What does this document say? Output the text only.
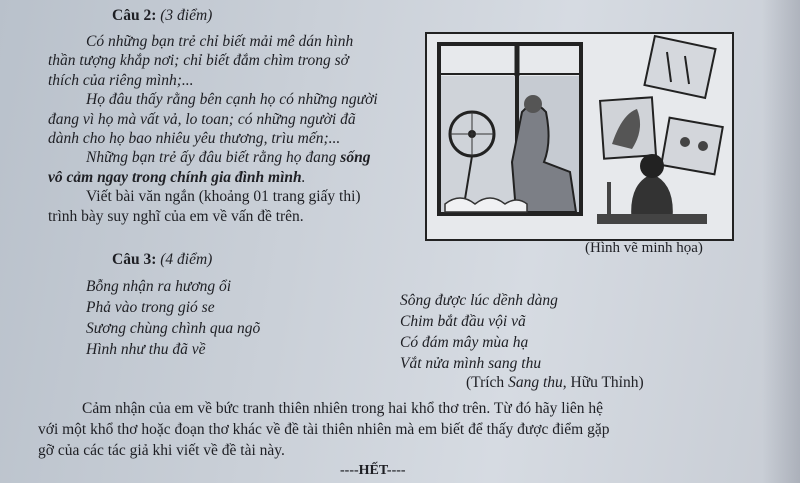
Câu 2: (3 điểm)

Có những bạn trẻ chỉ biết mải mê dán hình

thần tượng khắp nơi; chỉ biết đắm chìm trong sở
thích của riêng mình;...

Họ đâu thấy rằng bên cạnh họ có những người

đang vì họ mà vất vả, lo toan; có những người đã
dành cho họ bao nhiêu yêu thương, trìu mến;...

Những bạn trẻ ấy đâu biết rằng họ đang sống

vô cảm ngay trong chính gia đình mình.

Viết bài văn ngắn (khoảng 01 trang giấy thi)

trình bày suy nghĩ của em về vấn đề trên.
(Hình vẽ minh họa)
Câu 3: (4 điểm)
Bỗng nhận ra hương ổi
Phả vào trong gió se
Sương chùng chình qua ngõ
Hình như thu đã về
Sông được lúc dềnh dàng
Chim bắt đầu vội vã
Có đám mây mùa hạ
Vắt nửa mình sang thu
(Trích Sang thu, Hữu Thỉnh)
Cảm nhận của em về bức tranh thiên nhiên trong hai khổ thơ trên. Từ đó hãy liên hệ
với một khổ thơ hoặc đoạn thơ khác về đề tài thiên nhiên mà em biết để thấy được điểm gặp
gỡ của các tác giả khi viết về đề tài này.
----HẾT----
